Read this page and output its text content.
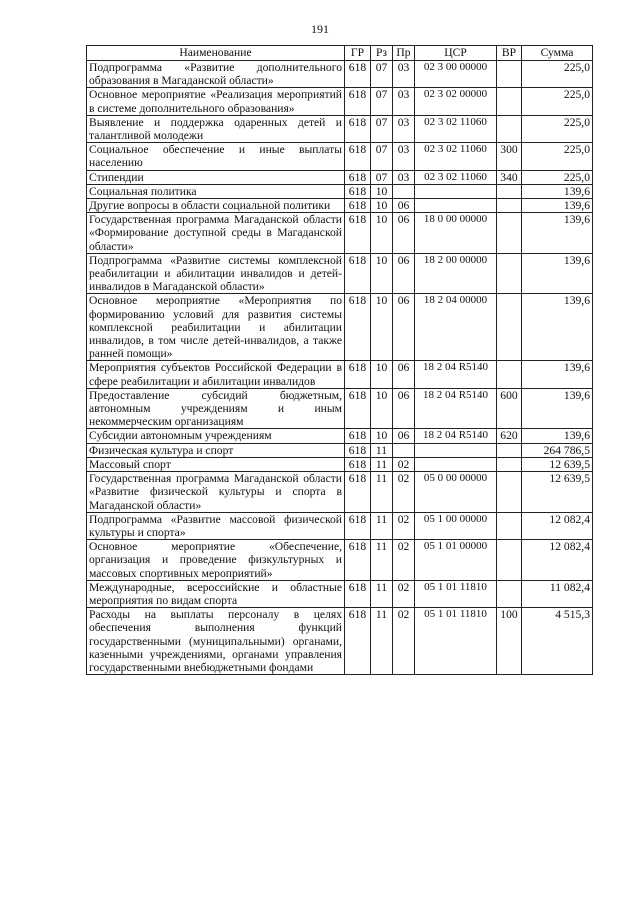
191
Наименование	ГР	Рз	Пр	ЦСР	ВР	Сумма
Подпрограмма «Развитие дополнительного образования в Магаданской области»	618	07	03	02 3 00 00000		225,0
Основное мероприятие «Реализация мероприятий в системе дополнительного образования»	618	07	03	02 3 02 00000		225,0
Выявление и поддержка одаренных детей и талантливой молодежи	618	07	03	02 3 02 11060		225,0
Социальное обеспечение и иные выплаты населению	618	07	03	02 3 02 11060	300	225,0
Стипендии	618	07	03	02 3 02 11060	340	225,0
Социальная политика	618	10				139,6
Другие вопросы в области социальной политики	618	10	06			139,6
Государственная программа Магаданской области «Формирование доступной среды в Магаданской области»	618	10	06	18 0 00 00000		139,6
Подпрограмма «Развитие системы комплексной реабилитации и абилитации инвалидов и детей-инвалидов в Магаданской области»	618	10	06	18 2 00 00000		139,6
Основное мероприятие «Мероприятия по формированию условий для развития системы комплексной реабилитации и абилитации инвалидов, в том числе детей-инвалидов, а также ранней помощи»	618	10	06	18 2 04 00000		139,6
Мероприятия субъектов Российской Федерации в сфере реабилитации и абилитации инвалидов	618	10	06	18 2 04 R5140		139,6
Предоставление субсидий бюджетным, автономным учреждениям и иным некоммерческим организациям	618	10	06	18 2 04 R5140	600	139,6
Субсидии автономным учреждениям	618	10	06	18 2 04 R5140	620	139,6
Физическая культура и спорт	618	11				264 786,5
Массовый спорт	618	11	02			12 639,5
Государственная программа Магаданской области «Развитие физической культуры и спорта в Магаданской области»	618	11	02	05 0 00 00000		12 639,5
Подпрограмма «Развитие массовой физической культуры и спорта»	618	11	02	05 1 00 00000		12 082,4
Основное мероприятие «Обеспечение, организация и проведение физкультурных и массовых спортивных мероприятий»	618	11	02	05 1 01 00000		12 082,4
Международные, всероссийские и областные мероприятия по видам спорта	618	11	02	05 1 01 11810		11 082,4
Расходы на выплаты персоналу в целях обеспечения выполнения функций государственными (муниципальными) органами, казенными учреждениями, органами управления государственными внебюджетными фондами	618	11	02	05 1 01 11810	100	4 515,3
